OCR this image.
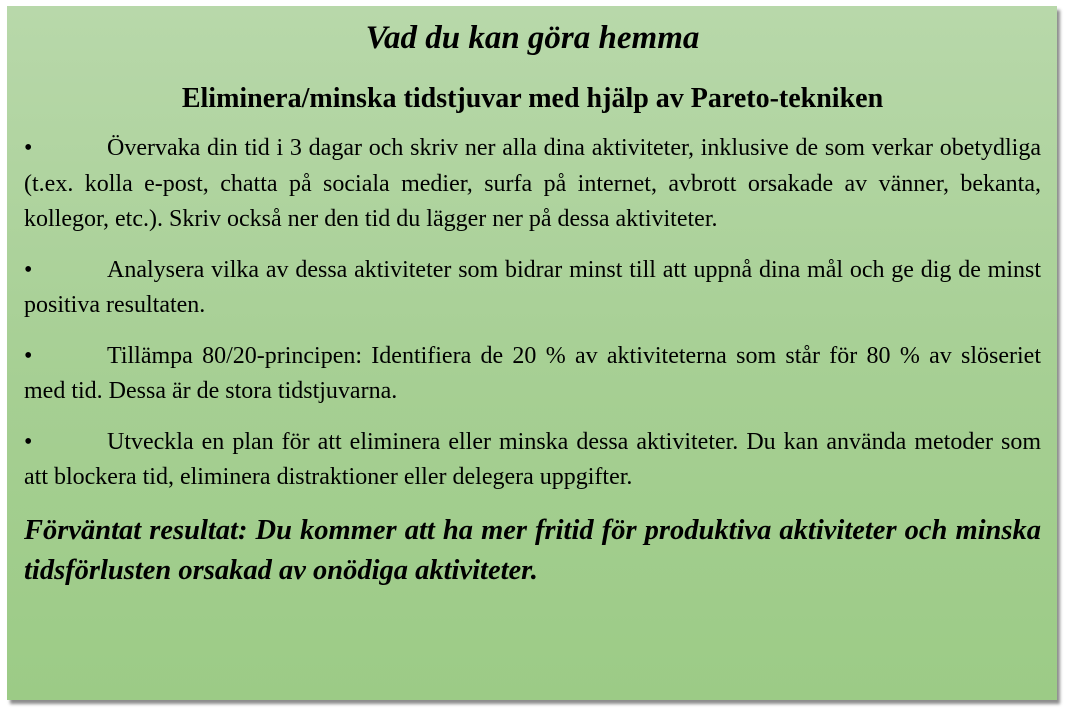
Vad du kan göra hemma
Eliminera/minska tidstjuvar med hjälp av Pareto-tekniken
•	Övervaka din tid i 3 dagar och skriv ner alla dina aktiviteter, inklusive de som verkar obetydliga (t.ex. kolla e-post, chatta på sociala medier, surfa på internet, avbrott orsakade av vänner, bekanta, kollegor, etc.). Skriv också ner den tid du lägger ner på dessa aktiviteter.
•	Analysera vilka av dessa aktiviteter som bidrar minst till att uppnå dina mål och ge dig de minst positiva resultaten.
•	Tillämpa 80/20-principen: Identifiera de 20 % av aktiviteterna som står för 80 % av slöseriet med tid. Dessa är de stora tidstjuvarna.
•	Utveckla en plan för att eliminera eller minska dessa aktiviteter. Du kan använda metoder som att blockera tid, eliminera distraktioner eller delegera uppgifter.

Förväntat resultat: Du kommer att ha mer fritid för produktiva aktiviteter och minska tidsförlusten orsakad av onödiga aktiviteter.
